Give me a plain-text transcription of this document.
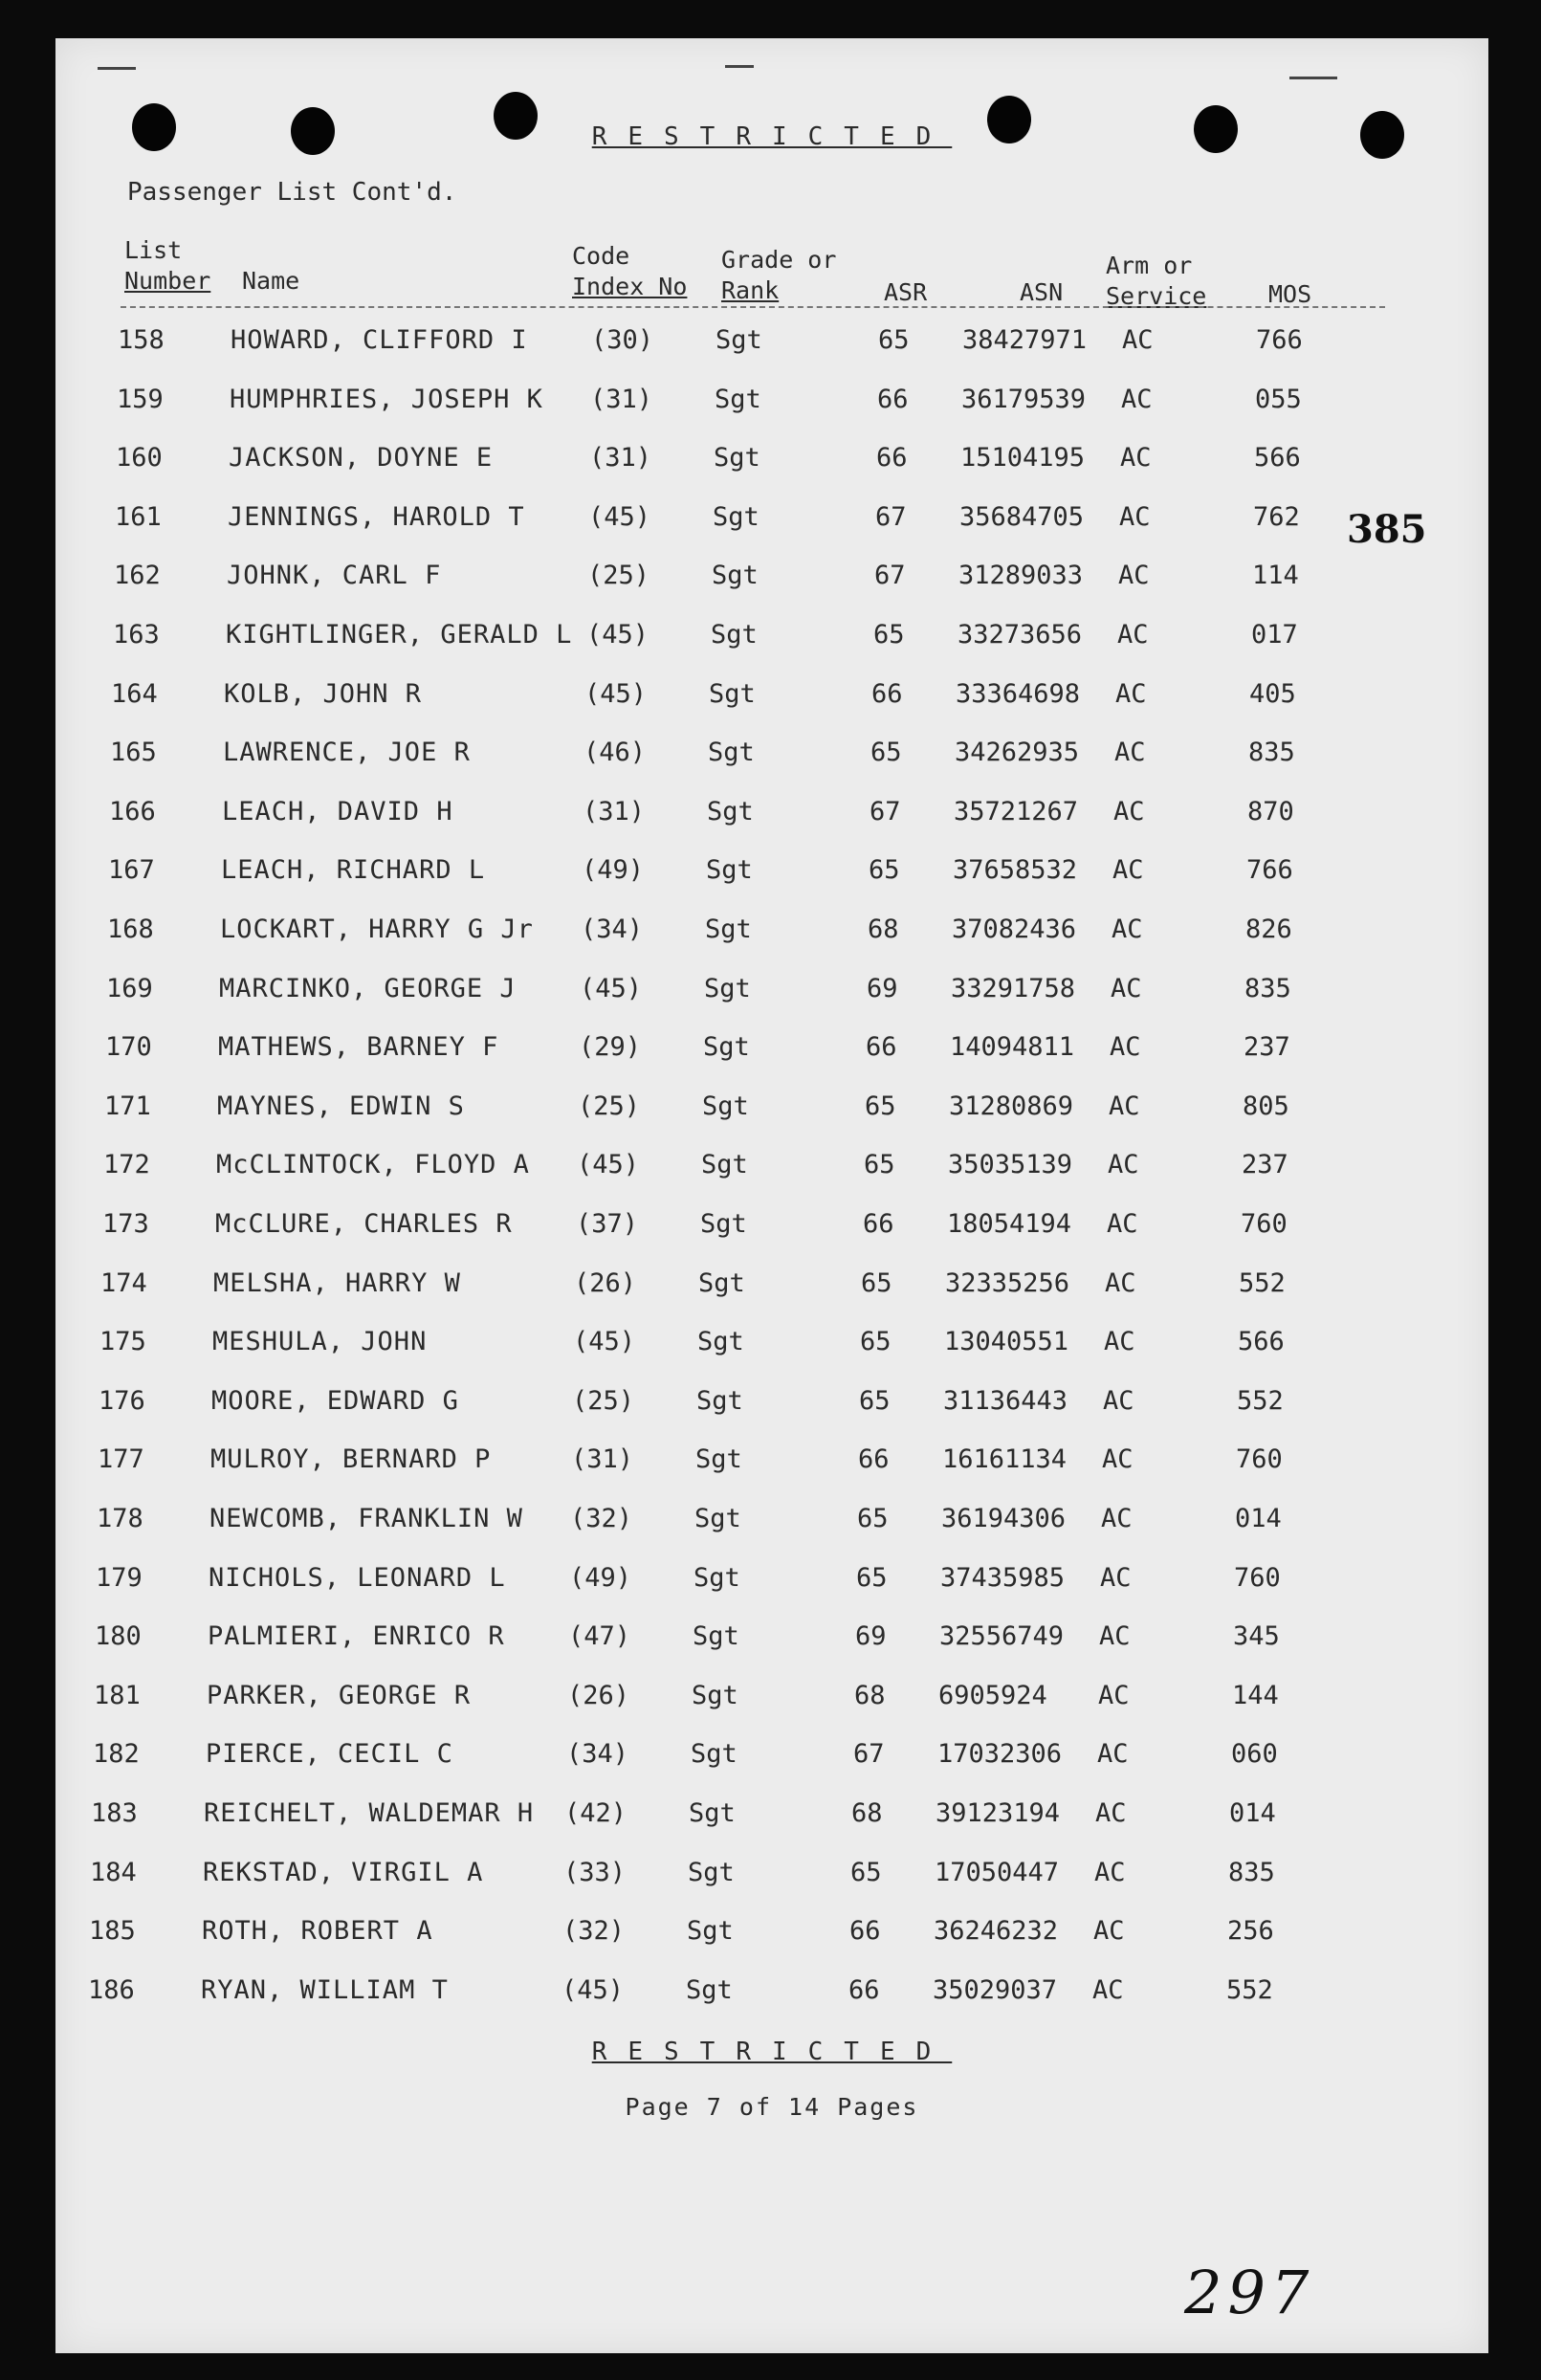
RESTRICTED
Passenger List Cont'd.
List
Number Name
Code
Index No
Grade or
Rank	ASR	ASN
Arm or
Service	MOS
158	HOWARD, CLIFFORD I (30) Sgt	65 38427971 AC	766
159	HUMPHRIES, JOSEPH K (31) Sgt	66 36179539 AC	055
160	JACKSON, DOYNE E	(31) Sgt	66 15104195 AC	566
161	JENNINGS, HAROLD T (45) Sgt	67 35684705 AC	762
162	JOHNK, CARL F	(25) Sgt	67 31289033 AC	114
163	KIGHTLINGER, GERALD L (45) Sgt	65 33273656 AC	017
164	KOLB, JOHN R	(45) Sgt	66 33364698 AC	405
165	LAWRENCE, JOE R	(46) Sgt	65 34262935 AC	835
166	LEACH, DAVID H	(31) Sgt	67 35721267 AC	870
167	LEACH, RICHARD L	(49) Sgt	65 37658532 AC	766
168	LOCKART, HARRY G Jr (34) Sgt	68 37082436 AC	826
169	MARCINKO, GEORGE J (45) Sgt	69 33291758 AC	835
170	MATHEWS, BARNEY F	(29) Sgt	66 14094811 AC	237
171	MAYNES, EDWIN S	(25) Sgt	65 31280869 AC	805
172	McCLINTOCK, FLOYD A (45) Sgt	65 35035139 AC	237
173	McCLURE, CHARLES R (37) Sgt	66 18054194 AC	760
174	MELSHA, HARRY W	(26) Sgt	65 32335256 AC	552
175	MESHULA, JOHN	(45) Sgt	65 13040551 AC	566
176	MOORE, EDWARD G	(25) Sgt	65 31136443 AC	552
177	MULROY, BERNARD P	(31) Sgt	66 16161134 AC	760
178	NEWCOMB, FRANKLIN W (32) Sgt	65 36194306 AC	014
179	NICHOLS, LEONARD L (49) Sgt	65 37435985 AC	760
180	PALMIERI, ENRICO R (47) Sgt	69 32556749 AC	345
181	PARKER, GEORGE R	(26) Sgt	68 6905924 AC	144
182	PIERCE, CECIL C	(34) Sgt	67 17032306 AC	060
183	REICHELT, WALDEMAR H (42) Sgt	68 39123194 AC	014
184	REKSTAD, VIRGIL A	(33) Sgt	65 17050447 AC	835
185	ROTH, ROBERT A	(32) Sgt	66 36246232 AC	256
186	RYAN, WILLIAM T	(45) Sgt	66 35029037 AC	552
385
RESTRICTED
Page 7 of 14 Pages
297
